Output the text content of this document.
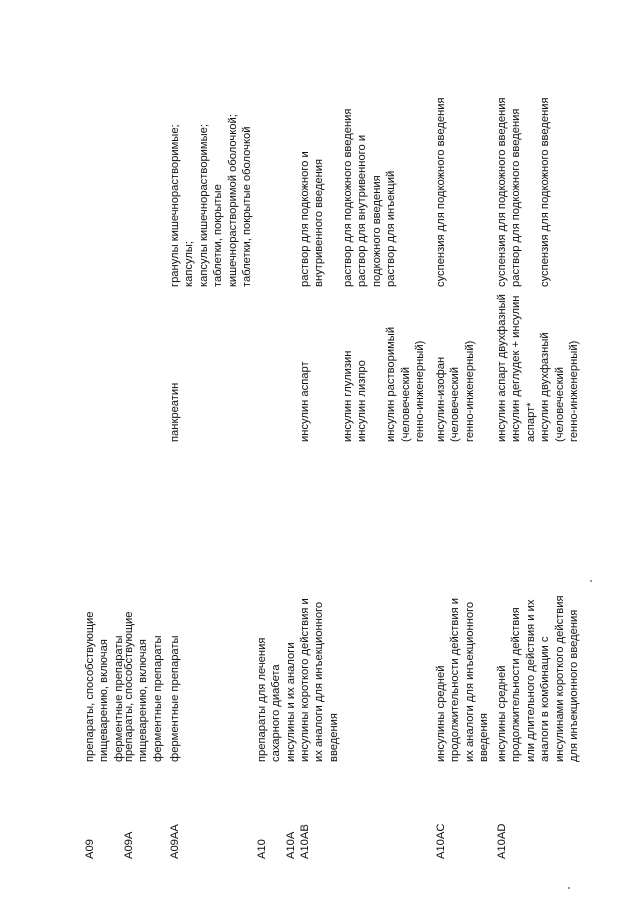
A09
препараты, способствующие
пищеварению, включая
ферментные препараты
A09A
препараты, способствующие
пищеварению, включая
ферментные препараты
A09AA
ферментные препараты
панкреатин
гранулы кишечнорастворимые;
капсулы;
капсулы кишечнорастворимые;
таблетки, покрытые
кишечнорастворимой оболочкой;
таблетки, покрытые оболочкой
A10
препараты для лечения
сахарного диабета
A10A
инсулины и их аналоги
A10AB
инсулины короткого действия и
их аналоги для инъекционного
введения
инсулин аспарт
раствор для подкожного и
внутривенного введения
инсулин глулизин
инсулин лизпро

инсулин растворимый
(человеческий
генно-инженерный)
раствор для подкожного введения
раствор для внутривенного и
подкожного введения
раствор для инъекций
A10AC
инсулины средней
продолжительности действия и
их аналоги для инъекционного
введения
инсулин-изофан
(человеческий
генно-инженерный)
суспензия для подкожного введения
A10AD
инсулины средней
продолжительности действия
или длительного действия и их
аналоги в комбинации с
инсулинами короткого действия
для инъекционного введения
инсулин аспарт двухфазный
инсулин деглудек + инсулин
аспарт*
инсулин двухфазный
(человеческий
генно-инженерный)
суспензия для подкожного введения
раствор для подкожного введения

суспензия для подкожного введения
